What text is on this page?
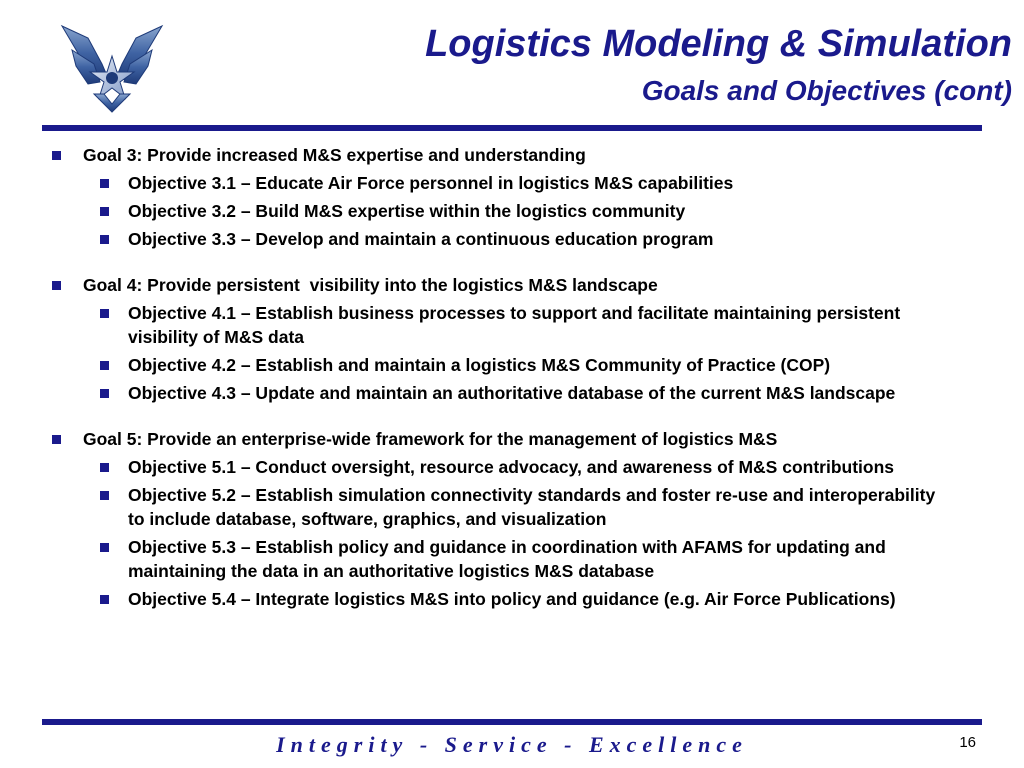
Logistics Modeling & Simulation
Goals and Objectives (cont)
Goal 3: Provide increased M&S expertise and understanding
Objective 3.1 – Educate Air Force personnel in logistics M&S capabilities
Objective 3.2 – Build M&S expertise within the logistics community
Objective 3.3 – Develop and maintain a continuous education program
Goal 4: Provide persistent  visibility into the logistics M&S landscape
Objective 4.1 – Establish business processes to support and facilitate maintaining persistent visibility of M&S data
Objective 4.2 – Establish and maintain a logistics M&S Community of Practice (COP)
Objective 4.3 – Update and maintain an authoritative database of the current M&S landscape
Goal 5: Provide an enterprise-wide framework for the management of logistics M&S
Objective 5.1 – Conduct oversight, resource advocacy, and awareness of M&S contributions
Objective 5.2 – Establish simulation connectivity standards and foster re-use and interoperability to include database, software, graphics, and visualization
Objective 5.3 – Establish policy and guidance in coordination with AFAMS for updating and maintaining the data in an authoritative logistics M&S database
Objective 5.4 – Integrate logistics M&S into policy and guidance (e.g. Air Force Publications)

Integrity - Service - Excellence	16
